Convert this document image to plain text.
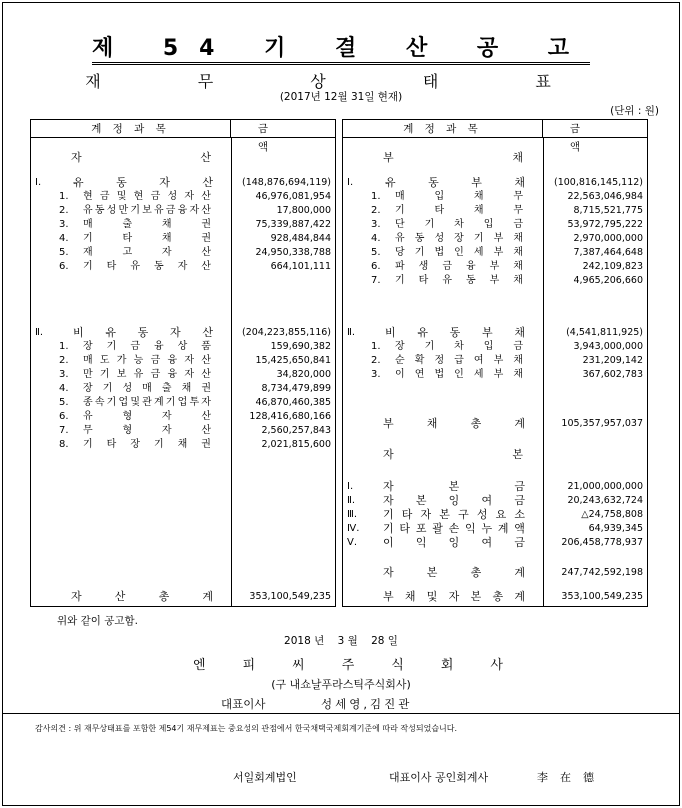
제 54 기 결 산 공 고
재 무 상 태 표
(2017년 12월 31일 현재)
(단위 : 원)
계 정 과 목	금 액
자	산
Ⅰ.	유	동	자	산	(148,876,694,119)
1. 현 금 및 현 금 성 자 산	46,976,081,954
2. 유 동 성 만 기 보 유 금 융 자 산	17,800,000
3. 매	출	채	권	75,339,887,422
4. 기	타	채	권	928,484,844
5. 재	고	자	산	24,950,338,788
6. 기 타 유 동 자 산	664,101,111
Ⅱ.	비 유 동 자 산	(204,223,855,116)
1. 장 기 금 융 상 품	159,690,382
2. 매 도 가 능 금 융 자 산	15,425,650,841
3. 만 기 보 유 금 융 자 산	34,820,000
4. 장 기 성 매 출 채 권	8,734,479,899
5. 종 속 기 업 및 관 계 기 업 투 자	46,870,460,385
6. 유	형	자	산	128,416,680,166
7. 무	형	자	산	2,560,257,843
8. 기 타 장 기 채 권	2,021,815,600
자	산	총	계	353,100,549,235
계 정 과 목	금 액
부	채
Ⅰ.	유	동	부	채	(100,816,145,112)
1. 매	입	채	무	22,563,046,984
2. 기	타	채	무	8,715,521,775
3. 단 기 차 입 금	53,972,795,222
4. 유 동 성 장 기 부 채	2,970,000,000
5. 당 기 법 인 세 부 채	7,387,464,648
6. 파 생 금 융 부 채	242,109,823
7. 기 타 유 동 부 채	4,965,206,660
Ⅱ.	비 유 동 부 채	(4,541,811,925)
1. 장 기 차 입 금	3,943,000,000
2. 순 확 정 급 여 부 채	231,209,142
3. 이 연 법 인 세 부 채	367,602,783
부	채	총	계	105,357,957,037
자	본
Ⅰ.	자	본	금	21,000,000,000
Ⅱ.	자 본 잉 여 금	20,243,632,724
Ⅲ. 기 타 자 본 구 성 요 소	△24,758,808
Ⅳ. 기 타 포 괄 손 익 누 계 액	64,939,345
Ⅴ. 이 익 잉 여 금	206,458,778,937
자	본	총	계	247,742,592,198
부 채 및 자 본 총 계	353,100,549,235
위와 같이 공고함.
2018 년    3 월    28 일
엔	피	씨	주	식	회	사
(구 내쇼날푸라스틱주식회사)
대표이사	성세영,김진관
감사의견 : 위 재무상태표를 포함한 제54기 재무제표는 중요성의 관점에서 한국채택국제회계기준에 따라 작성되었습니다.
서일회계법인	대표이사 공인회계사	李在德
